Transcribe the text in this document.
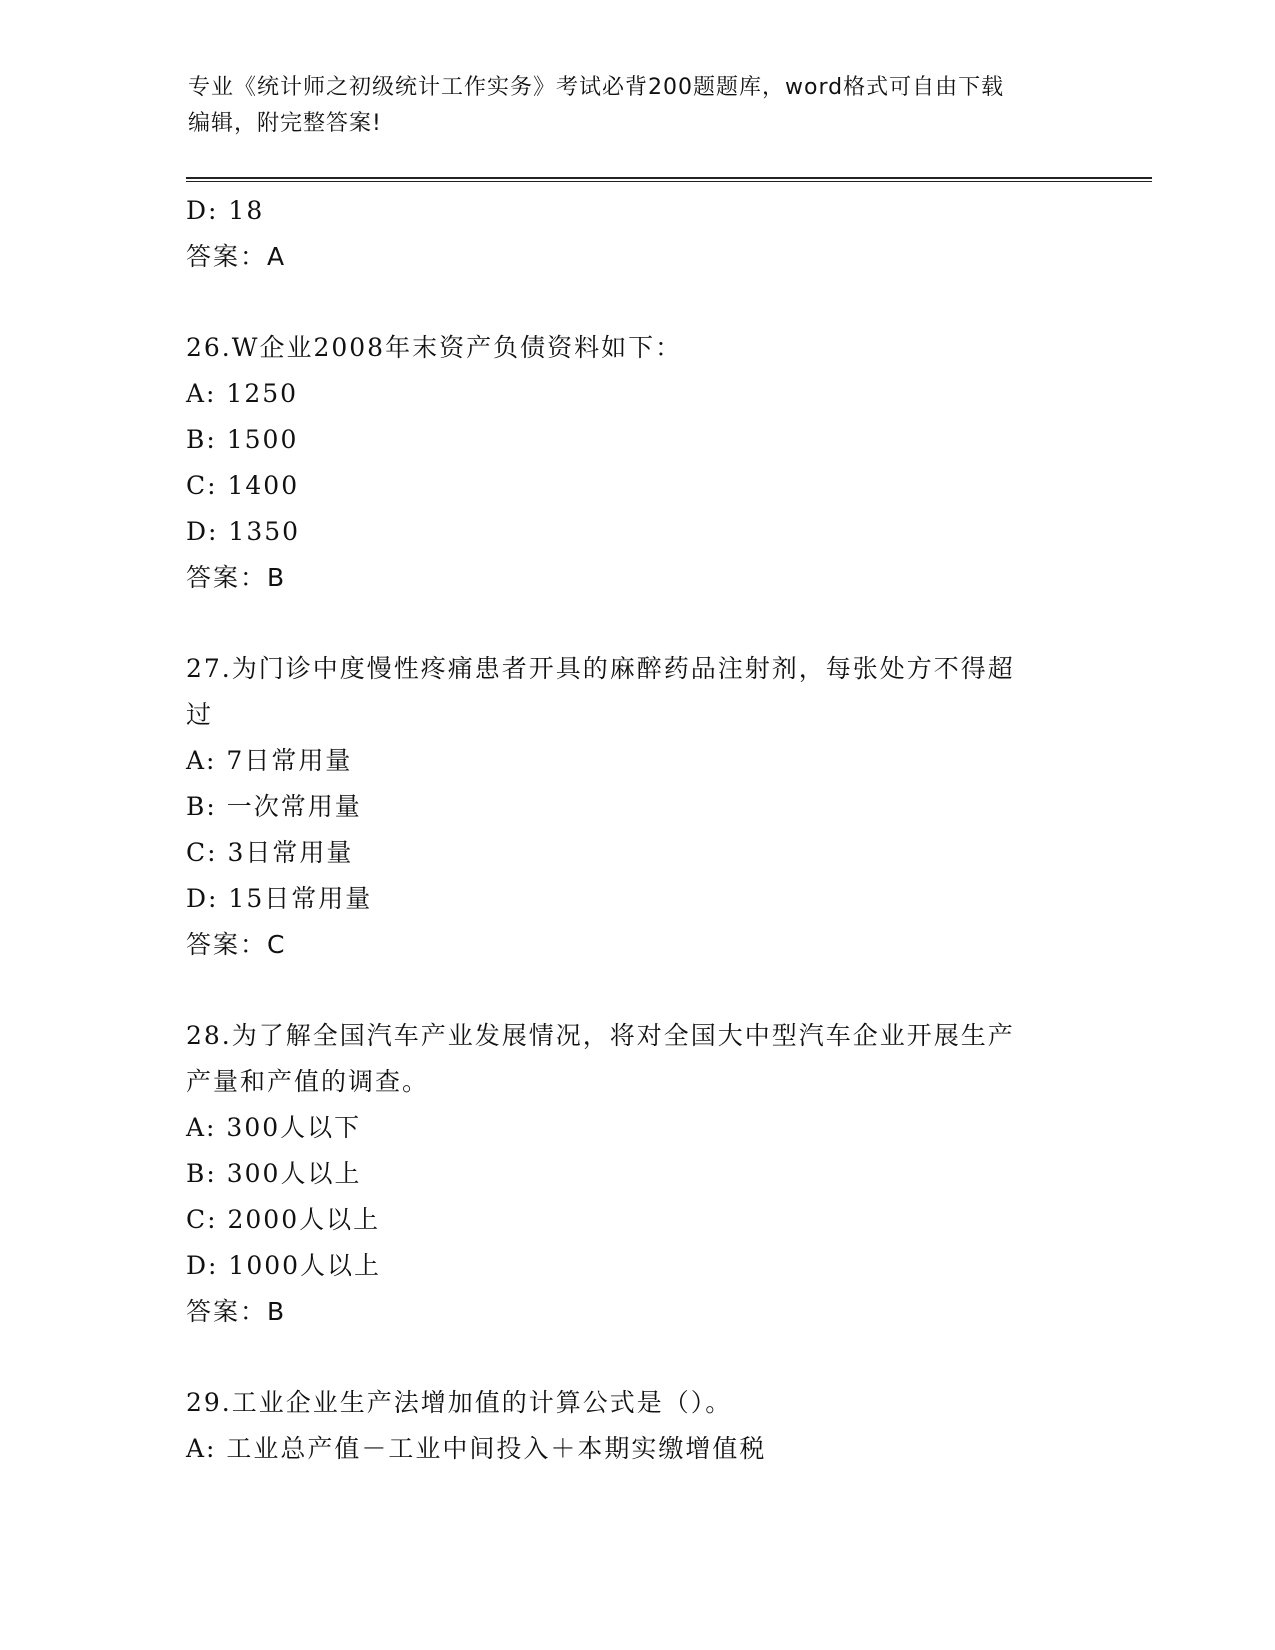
专业《统计师之初级统计工作实务》考试必背200题题库，word格式可自由下载
编辑，附完整答案!
D: 18
答案：A
26.W企业2008年末资产负债资料如下：
A: 1250
B: 1500
C: 1400
D: 1350
答案：B
27.为门诊中度慢性疼痛患者开具的麻醉药品注射剂，每张处方不得超
过
A: 7日常用量
B: 一次常用量
C: 3日常用量
D: 15日常用量
答案：C
28.为了解全国汽车产业发展情况，将对全国大中型汽车企业开展生产
产量和产值的调查。
A: 300人以下
B: 300人以上
C: 2000人以上
D: 1000人以上
答案：B
29.工业企业生产法增加值的计算公式是（）。
A: 工业总产值－工业中间投入＋本期实缴增值税
